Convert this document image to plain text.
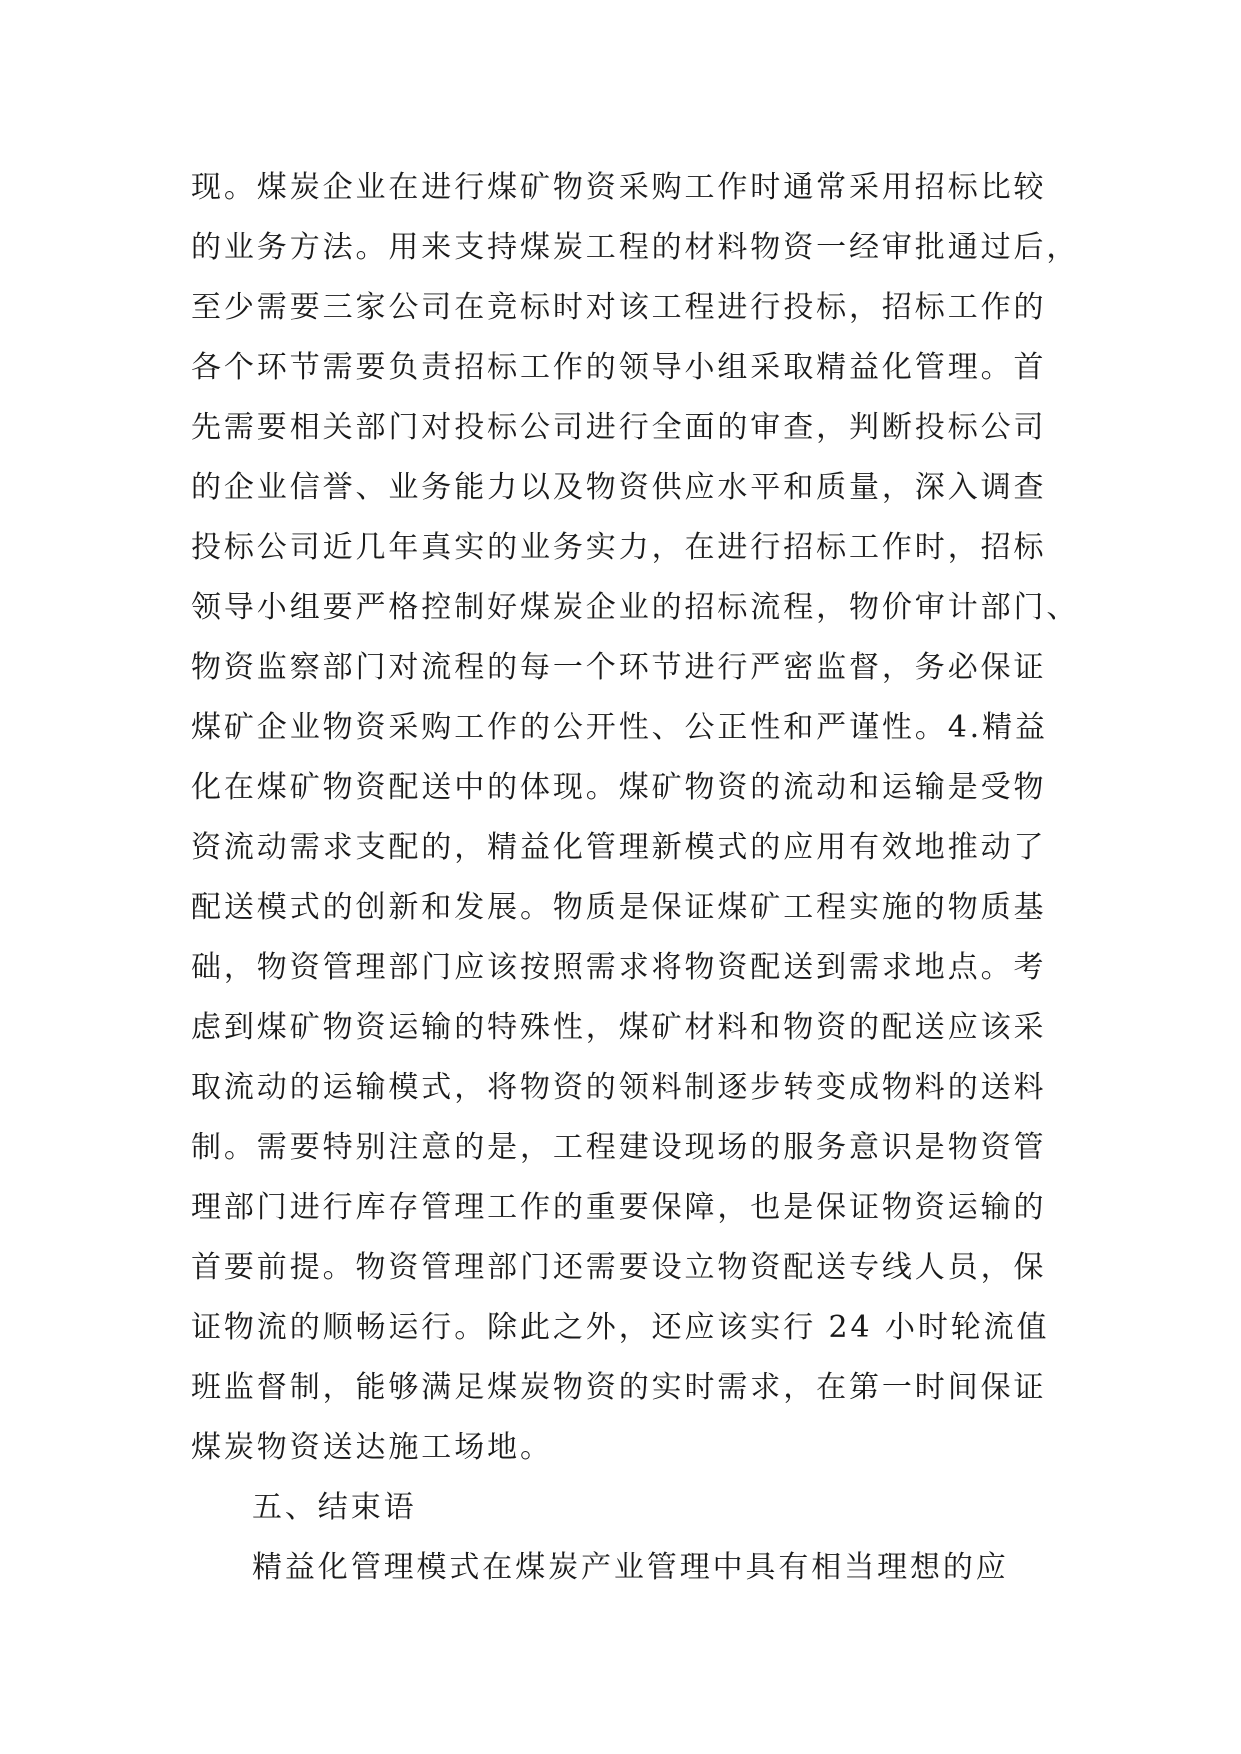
现。煤炭企业在进行煤矿物资采购工作时通常采用招标比较
的业务方法。用来支持煤炭工程的材料物资一经审批通过后，
至少需要三家公司在竞标时对该工程进行投标，招标工作的
各个环节需要负责招标工作的领导小组采取精益化管理。首
先需要相关部门对投标公司进行全面的审查，判断投标公司
的企业信誉、业务能力以及物资供应水平和质量，深入调查
投标公司近几年真实的业务实力，在进行招标工作时，招标
领导小组要严格控制好煤炭企业的招标流程，物价审计部门、
物资监察部门对流程的每一个环节进行严密监督，务必保证
煤矿企业物资采购工作的公开性、公正性和严谨性。4.精益
化在煤矿物资配送中的体现。煤矿物资的流动和运输是受物
资流动需求支配的，精益化管理新模式的应用有效地推动了
配送模式的创新和发展。物质是保证煤矿工程实施的物质基
础，物资管理部门应该按照需求将物资配送到需求地点。考
虑到煤矿物资运输的特殊性，煤矿材料和物资的配送应该采
取流动的运输模式，将物资的领料制逐步转变成物料的送料
制。需要特别注意的是，工程建设现场的服务意识是物资管
理部门进行库存管理工作的重要保障，也是保证物资运输的
首要前提。物资管理部门还需要设立物资配送专线人员，保
证物流的顺畅运行。除此之外，还应该实行 24 小时轮流值
班监督制，能够满足煤炭物资的实时需求，在第一时间保证
煤炭物资送达施工场地。
五、结束语
精益化管理模式在煤炭产业管理中具有相当理想的应
